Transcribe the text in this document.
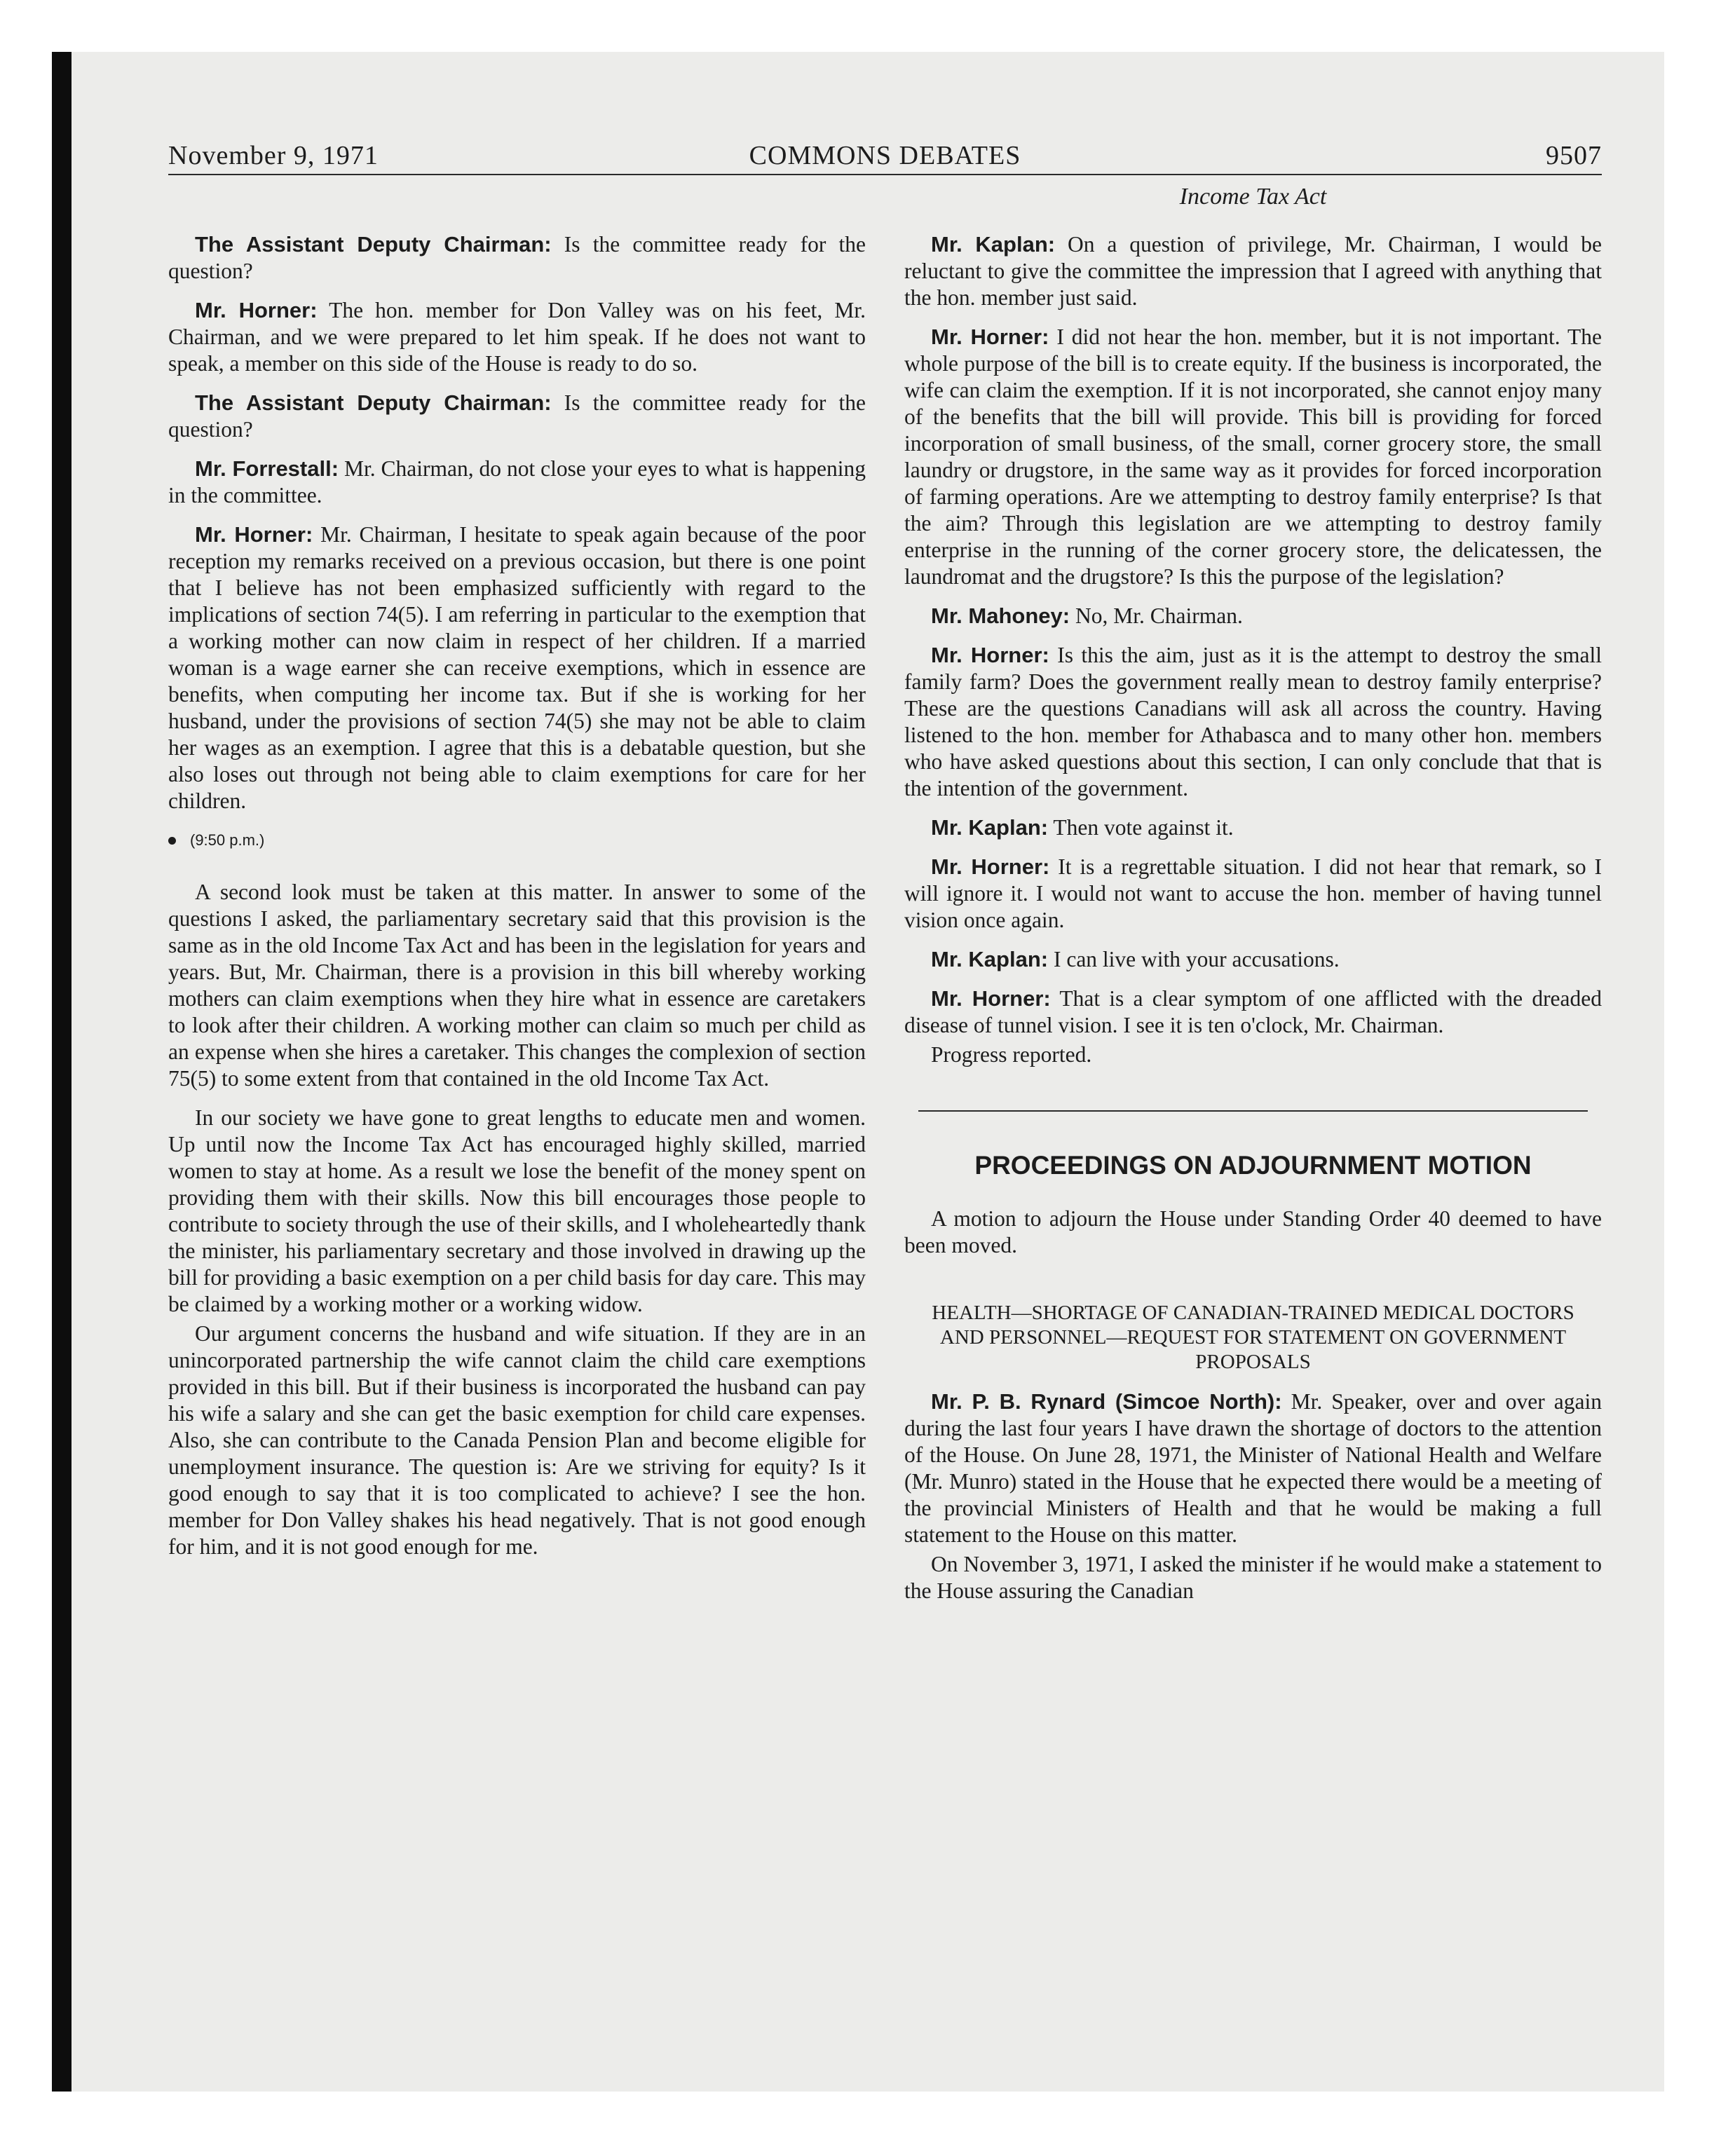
November 9, 1971	COMMONS DEBATES	9507
Income Tax Act

The Assistant Deputy Chairman: Is the committee ready for the question?

Mr. Horner: The hon. member for Don Valley was on his feet, Mr. Chairman, and we were prepared to let him speak. If he does not want to speak, a member on this side of the House is ready to do so.

The Assistant Deputy Chairman: Is the committee ready for the question?

Mr. Forrestall: Mr. Chairman, do not close your eyes to what is happening in the committee.

Mr. Horner: Mr. Chairman, I hesitate to speak again because of the poor reception my remarks received on a previous occasion, but there is one point that I believe has not been emphasized sufficiently with regard to the implications of section 74(5). I am referring in particular to the exemption that a working mother can now claim in respect of her children. If a married woman is a wage earner she can receive exemptions, which in essence are benefits, when computing her income tax. But if she is working for her husband, under the provisions of section 74(5) she may not be able to claim her wages as an exemption. I agree that this is a debatable question, but she also loses out through not being able to claim exemptions for care for her children.

(9:50 p.m.)

A second look must be taken at this matter. In answer to some of the questions I asked, the parliamentary secretary said that this provision is the same as in the old Income Tax Act and has been in the legislation for years and years. But, Mr. Chairman, there is a provision in this bill whereby working mothers can claim exemptions when they hire what in essence are caretakers to look after their children. A working mother can claim so much per child as an expense when she hires a caretaker. This changes the complexion of section 75(5) to some extent from that contained in the old Income Tax Act.

In our society we have gone to great lengths to educate men and women. Up until now the Income Tax Act has encouraged highly skilled, married women to stay at home. As a result we lose the benefit of the money spent on providing them with their skills. Now this bill encourages those people to contribute to society through the use of their skills, and I wholeheartedly thank the minister, his parliamentary secretary and those involved in drawing up the bill for providing a basic exemption on a per child basis for day care. This may be claimed by a working mother or a working widow.

Our argument concerns the husband and wife situation. If they are in an unincorporated partnership the wife cannot claim the child care exemptions provided in this bill. But if their business is incorporated the husband can pay his wife a salary and she can get the basic exemption for child care expenses. Also, she can contribute to the Canada Pension Plan and become eligible for unemployment insurance. The question is: Are we striving for equity? Is it good enough to say that it is too complicated to achieve? I see the hon. member for Don Valley shakes his head negatively. That is not good enough for him, and it is not good enough for me.

Mr. Kaplan: On a question of privilege, Mr. Chairman, I would be reluctant to give the committee the impression that I agreed with anything that the hon. member just said.

Mr. Horner: I did not hear the hon. member, but it is not important. The whole purpose of the bill is to create equity. If the business is incorporated, the wife can claim the exemption. If it is not incorporated, she cannot enjoy many of the benefits that the bill will provide. This bill is providing for forced incorporation of small business, of the small, corner grocery store, the small laundry or drugstore, in the same way as it provides for forced incorporation of farming operations. Are we attempting to destroy family enterprise? Is that the aim? Through this legislation are we attempting to destroy family enterprise in the running of the corner grocery store, the delicatessen, the laundromat and the drugstore? Is this the purpose of the legislation?

Mr. Mahoney: No, Mr. Chairman.

Mr. Horner: Is this the aim, just as it is the attempt to destroy the small family farm? Does the government really mean to destroy family enterprise? These are the questions Canadians will ask all across the country. Having listened to the hon. member for Athabasca and to many other hon. members who have asked questions about this section, I can only conclude that that is the intention of the government.

Mr. Kaplan: Then vote against it.

Mr. Horner: It is a regrettable situation. I did not hear that remark, so I will ignore it. I would not want to accuse the hon. member of having tunnel vision once again.

Mr. Kaplan: I can live with your accusations.

Mr. Horner: That is a clear symptom of one afflicted with the dreaded disease of tunnel vision. I see it is ten o'clock, Mr. Chairman.

Progress reported.

PROCEEDINGS ON ADJOURNMENT MOTION

A motion to adjourn the House under Standing Order 40 deemed to have been moved.

HEALTH—SHORTAGE OF CANADIAN-TRAINED MEDICAL DOCTORS AND PERSONNEL—REQUEST FOR STATEMENT ON GOVERNMENT PROPOSALS

Mr. P. B. Rynard (Simcoe North): Mr. Speaker, over and over again during the last four years I have drawn the shortage of doctors to the attention of the House. On June 28, 1971, the Minister of National Health and Welfare (Mr. Munro) stated in the House that he expected there would be a meeting of the provincial Ministers of Health and that he would be making a full statement to the House on this matter.

On November 3, 1971, I asked the minister if he would make a statement to the House assuring the Canadian
